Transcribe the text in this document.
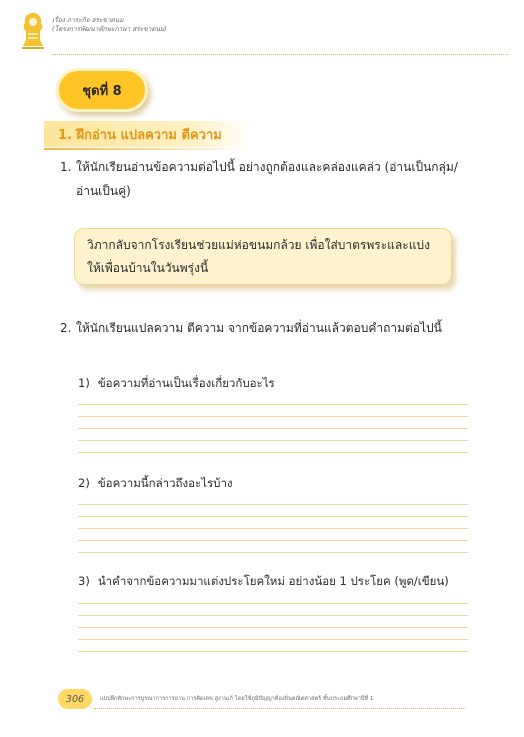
เรื่อง ภาระกิจ สระขาดนม
(โครงการพัฒนาทักษะภาษา สระขาดนม)
ชุดที่ 8
1. ฝึกอ่าน แปลความ ตีความ
1. ให้นักเรียนอ่านข้อความต่อไปนี้ อย่างถูกต้องและคล่องแคล่ว (อ่านเป็นกลุ่ม/อ่านเป็นคู่)
วิภากลับจากโรงเรียนช่วยแม่ห่อขนมกล้วย เพื่อใส่บาตรพระและแบ่งให้เพื่อนบ้านในวันพรุ่งนี้
2. ให้นักเรียนแปลความ ตีความ จากข้อความที่อ่านแล้วตอบคำถามต่อไปนี้
1) ข้อความที่อ่านเป็นเรื่องเกี่ยวกับอะไร
2) ข้อความนี้กล่าวถึงอะไรบ้าง
3) นำคำจากข้อความมาแต่งประโยคใหม่ อย่างน้อย 1 ประโยค (พูด/เขียน)
306	แบบฝึกทักษะการบูรณาการการอ่าน การคิดเลข สู่งานเก้ โดยใช้ภูมิปัญญาท้องถิ่นคณิตศาสตร์ ชั้นประถมศึกษาปีที่ 1
